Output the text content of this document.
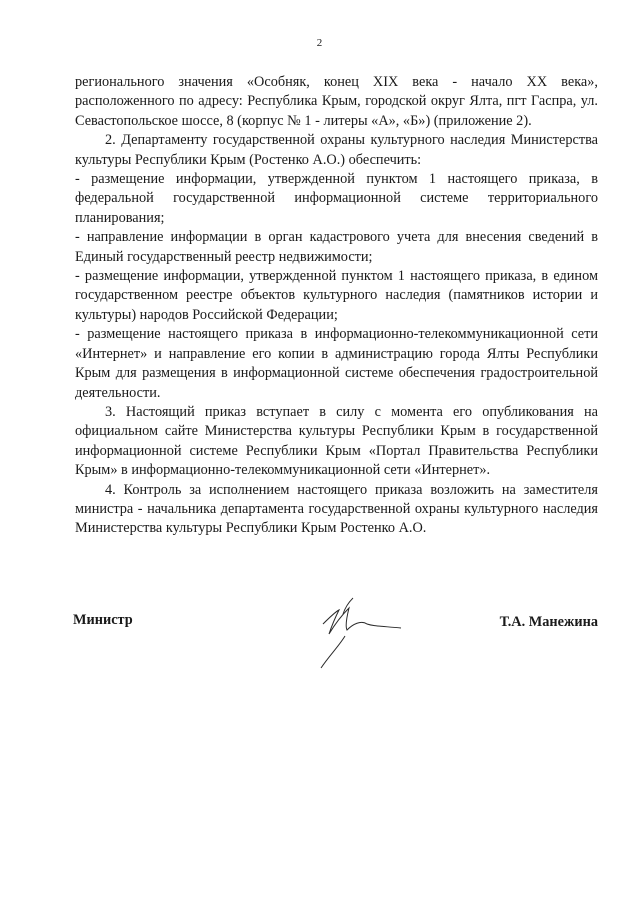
2

регионального значения «Особняк, конец XIX века - начало XX века», расположенного по адресу: Республика Крым, городской округ Ялта, пгт Гаспра, ул. Севастопольское шоссе, 8 (корпус № 1 - литеры «А», «Б») (приложение 2).

2. Департаменту государственной охраны культурного наследия Министерства культуры Республики Крым (Ростенко А.О.) обеспечить:

- размещение информации, утвержденной пунктом 1 настоящего приказа, в федеральной государственной информационной системе территориального планирования;

- направление информации в орган кадастрового учета для внесения сведений в Единый государственный реестр недвижимости;

- размещение информации, утвержденной пунктом 1 настоящего приказа, в едином государственном реестре объектов культурного наследия (памятников истории и культуры) народов Российской Федерации;

- размещение настоящего приказа в информационно-телекоммуникационной сети «Интернет» и направление его копии в администрацию города Ялты Республики Крым для размещения в информационной системе обеспечения градостроительной деятельности.

3. Настоящий приказ вступает в силу с момента его опубликования на официальном сайте Министерства культуры Республики Крым в государственной информационной системе Республики Крым «Портал Правительства Республики Крым» в информационно-телекоммуникационной сети «Интернет».

4. Контроль за исполнением настоящего приказа возложить на заместителя министра - начальника департамента государственной охраны культурного наследия Министерства культуры Республики Крым Ростенко А.О.

Министр	Т.А. Манежина
